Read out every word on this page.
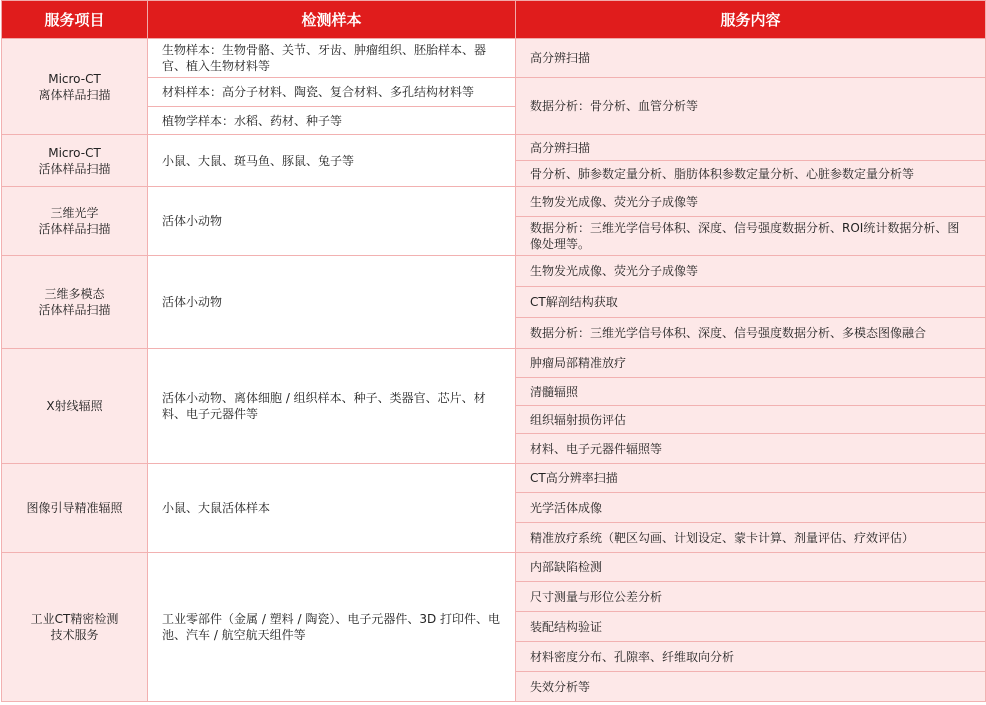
服务项目	检测样本	服务内容
Micro-CT
离体样品扫描	生物样本：生物骨骼、关节、牙齿、肿瘤组织、胚胎样本、器官、植入生物材料等	高分辨扫描
	材料样本：高分子材料、陶瓷、复合材料、多孔结构材料等	数据分析：骨分析、血管分析等
	植物学样本：水稻、药材、种子等	
Micro-CT
活体样品扫描	小鼠、大鼠、斑马鱼、豚鼠、兔子等	高分辨扫描
		骨分析、肺参数定量分析、脂肪体积参数定量分析、心脏参数定量分析等
三维光学
活体样品扫描	活体小动物	生物发光成像、荧光分子成像等
		数据分析：三维光学信号体积、深度、信号强度数据分析、ROI统计数据分析、图像处理等。
三维多模态
活体样品扫描	活体小动物	生物发光成像、荧光分子成像等
		CT解剖结构获取
		数据分析：三维光学信号体积、深度、信号强度数据分析、多模态图像融合
X射线辐照	活体小动物、离体细胞 / 组织样本、种子、类器官、芯片、材料、电子元器件等	肿瘤局部精准放疗
		清髓辐照
		组织辐射损伤评估
		材料、电子元器件辐照等
图像引导精准辐照	小鼠、大鼠活体样本	CT高分辨率扫描
		光学活体成像
		精准放疗系统（靶区勾画、计划设定、蒙卡计算、剂量评估、疗效评估）
工业CT精密检测
技术服务	工业零部件（金属 / 塑料 / 陶瓷）、电子元器件、3D 打印件、电池、汽车 / 航空航天组件等	内部缺陷检测
		尺寸测量与形位公差分析
		装配结构验证
		材料密度分布、孔隙率、纤维取向分析
		失效分析等
